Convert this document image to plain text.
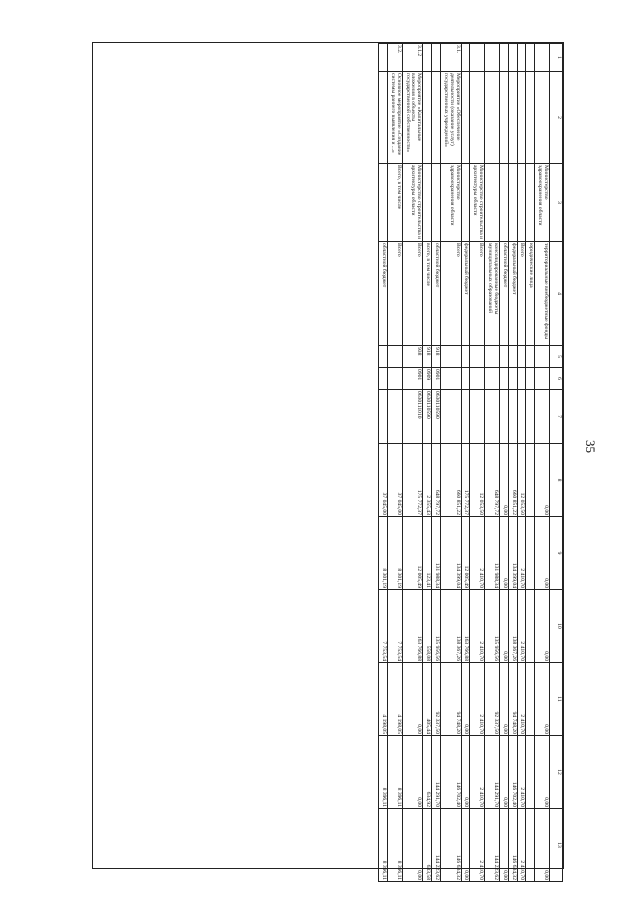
35
1	2	3	4	5	6	7	8	9	10	11	12	13
		Министерство здравоохранения области	территориальные внебюджетные фонды				0,00	0,00	0,00	0,00	0,00	0,00
			юридические лица									
			Всего				12 053,50	2 410,70	2 410,70	2 410,70	2 410,70	2 410,70
			федеральный бюджет				660 851,22	134 399,04	138 367,26	94 748,20	146 702,40	146 634,32
			областной бюджет				0,00	0,00	0,00	0,00	0,00	0,00
			консолидированные бюджеты муниципальных образований				648 797,72	131 988,34	135 956,56	92 337,50	144 291,70	144 223,62
		Министерство строительства и архитектуры области	Всего				12 053,50	2 410,70	2 410,70	2 410,70	2 410,70	2 410,70
			федеральный бюджет				175 772,37	12 005,49	163 766,88	0,00	0,00	0,00
3.1.	Мероприятие «Обеспечение деятельности (оказание услуг) государственных учреждений»	Министерство здравоохранения области	Всего				660 851,22	134 399,04	138 367,26	94 748,20	146 702,40	146 634,32
			областной бюджет	918	0901	0630110590	648 797,72	131 988,34	135 956,56	92 337,50	144 291,70	144 223,62
			всего, в том числе	918	0909	0630110590	2 355,43	123,41	558,08	405,44	634,92	633,58
3.1.2	Мероприятие «Капитальные вложения в объекты государственной собственности»	Министерство строительства и архитектуры области	Всего	938	0901	0630111010	175 772,37	12 005,49	163 766,88	0,00	0,00	0,00
3.2.	Основное мероприятие «Создание системы раннего выявления и ...»	Всего, в том числе	Всего				37 045,00	8 301,19	7 753,54	4 198,05	8 396,11	8 396,11
			областной бюджет				37 045,00	8 301,19	7 753,54	4 198,05	8 396,11	8 396,11
